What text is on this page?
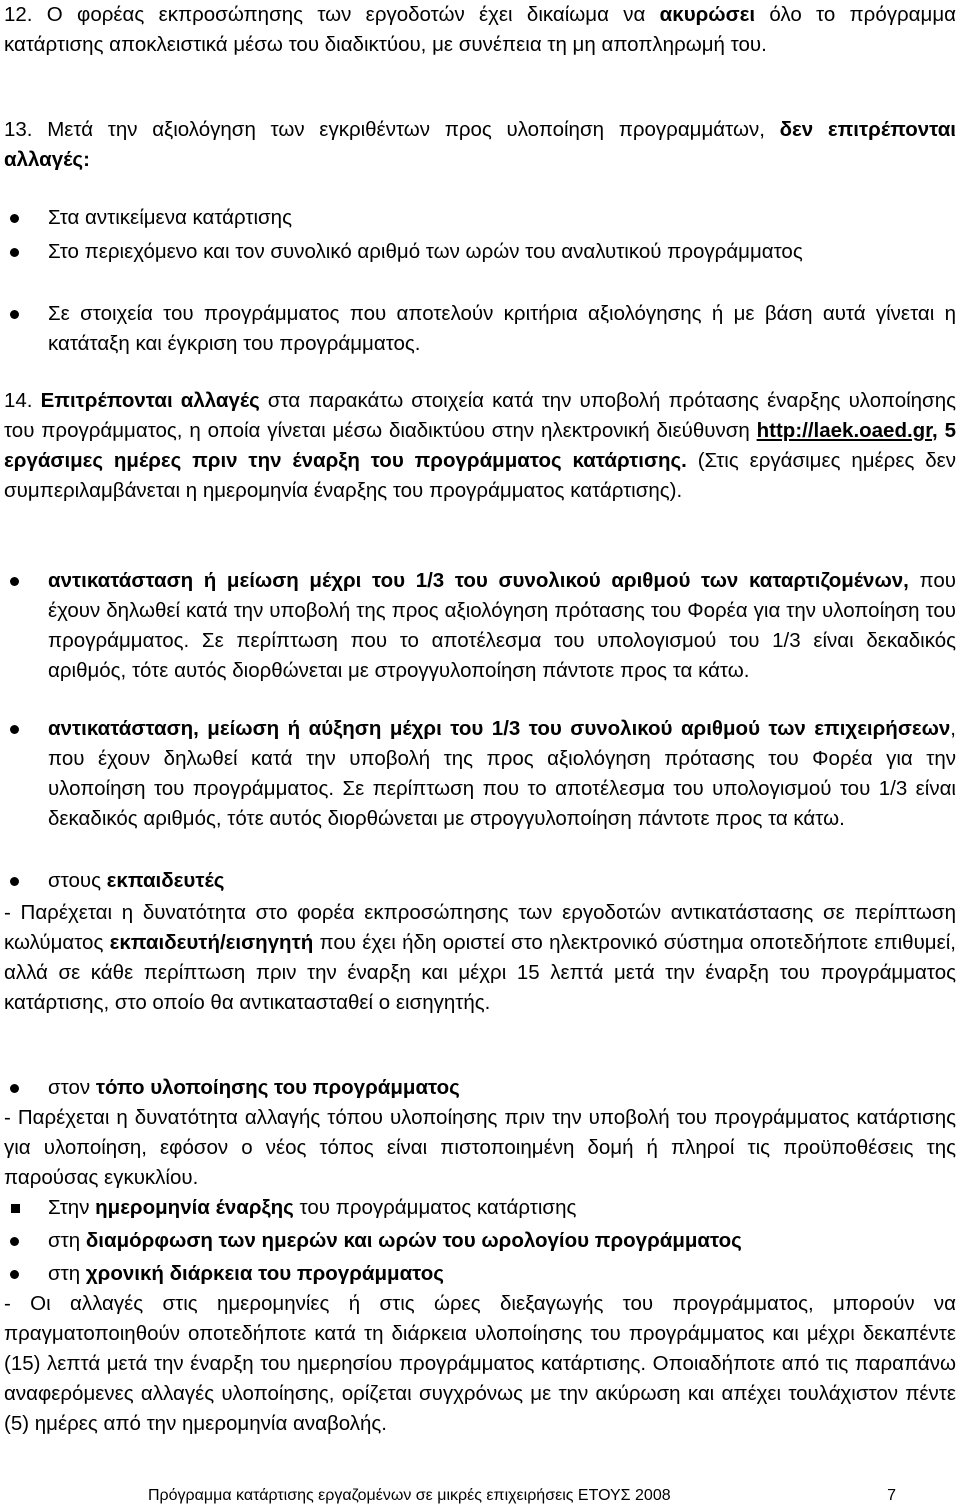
12. Ο φορέας εκπροσώπησης των εργοδοτών έχει δικαίωμα να ακυρώσει όλο το πρόγραμμα κατάρτισης αποκλειστικά μέσω του διαδικτύου, με συνέπεια τη μη αποπληρωμή του.

13. Μετά την αξιολόγηση των εγκριθέντων προς υλοποίηση προγραμμάτων, δεν επιτρέπονται αλλαγές:

Στα αντικείμενα κατάρτισης

Στο περιεχόμενο και τον συνολικό αριθμό των ωρών του αναλυτικού προγράμματος

Σε στοιχεία του προγράμματος που αποτελούν κριτήρια αξιολόγησης ή με βάση αυτά γίνεται η κατάταξη και έγκριση του προγράμματος.

14. Επιτρέπονται αλλαγές στα παρακάτω στοιχεία κατά την υποβολή πρότασης έναρξης υλοποίησης του προγράμματος, η οποία γίνεται μέσω διαδικτύου στην ηλεκτρονική διεύθυνση http://laek.oaed.gr, 5 εργάσιμες ημέρες πριν την έναρξη του προγράμματος κατάρτισης. (Στις εργάσιμες ημέρες δεν συμπεριλαμβάνεται η ημερομηνία έναρξης του προγράμματος κατάρτισης).

αντικατάσταση ή μείωση μέχρι του 1/3 του συνολικού αριθμού των καταρτιζομένων, που έχουν δηλωθεί κατά την υποβολή της προς αξιολόγηση πρότασης του Φορέα για την υλοποίηση του προγράμματος. Σε περίπτωση που το αποτέλεσμα του υπολογισμού του 1/3 είναι δεκαδικός αριθμός, τότε αυτός διορθώνεται με στρογγυλοποίηση πάντοτε προς τα κάτω.

αντικατάσταση, μείωση ή αύξηση μέχρι του 1/3 του συνολικού αριθμού των επιχειρήσεων, που έχουν δηλωθεί κατά την υποβολή της προς αξιολόγηση πρότασης του Φορέα για την υλοποίηση του προγράμματος. Σε περίπτωση που το αποτέλεσμα του υπολογισμού του 1/3 είναι δεκαδικός αριθμός, τότε αυτός διορθώνεται με στρογγυλοποίηση πάντοτε προς τα κάτω.

στους εκπαιδευτές

- Παρέχεται η δυνατότητα στο φορέα εκπροσώπησης των εργοδοτών αντικατάστασης σε περίπτωση κωλύματος εκπαιδευτή/εισηγητή που έχει ήδη οριστεί στο ηλεκτρονικό σύστημα οποτεδήποτε επιθυμεί, αλλά σε κάθε περίπτωση πριν την έναρξη και μέχρι 15 λεπτά μετά την έναρξη του προγράμματος κατάρτισης, στο οποίο θα αντικατασταθεί ο εισηγητής.

στον τόπο υλοποίησης του προγράμματος

- Παρέχεται η δυνατότητα αλλαγής τόπου υλοποίησης πριν την υποβολή του προγράμματος κατάρτισης για υλοποίηση, εφόσον ο νέος τόπος είναι πιστοποιημένη δομή ή πληροί τις προϋποθέσεις της παρούσας εγκυκλίου.

Στην ημερομηνία έναρξης του προγράμματος κατάρτισης

στη διαμόρφωση των ημερών και ωρών του ωρολογίου προγράμματος

στη χρονική διάρκεια του προγράμματος

- Οι αλλαγές στις ημερομηνίες ή στις ώρες διεξαγωγής του προγράμματος, μπορούν να πραγματοποιηθούν οποτεδήποτε κατά τη διάρκεια υλοποίησης του προγράμματος και μέχρι δεκαπέντε (15) λεπτά μετά την έναρξη του ημερησίου προγράμματος κατάρτισης. Οποιαδήποτε από τις παραπάνω αναφερόμενες αλλαγές υλοποίησης, ορίζεται συγχρόνως με την ακύρωση και απέχει τουλάχιστον πέντε (5) ημέρες από την ημερομηνία αναβολής.

Πρόγραμμα κατάρτισης εργαζομένων σε μικρές επιχειρήσεις ΕΤΟΥΣ 2008	7
